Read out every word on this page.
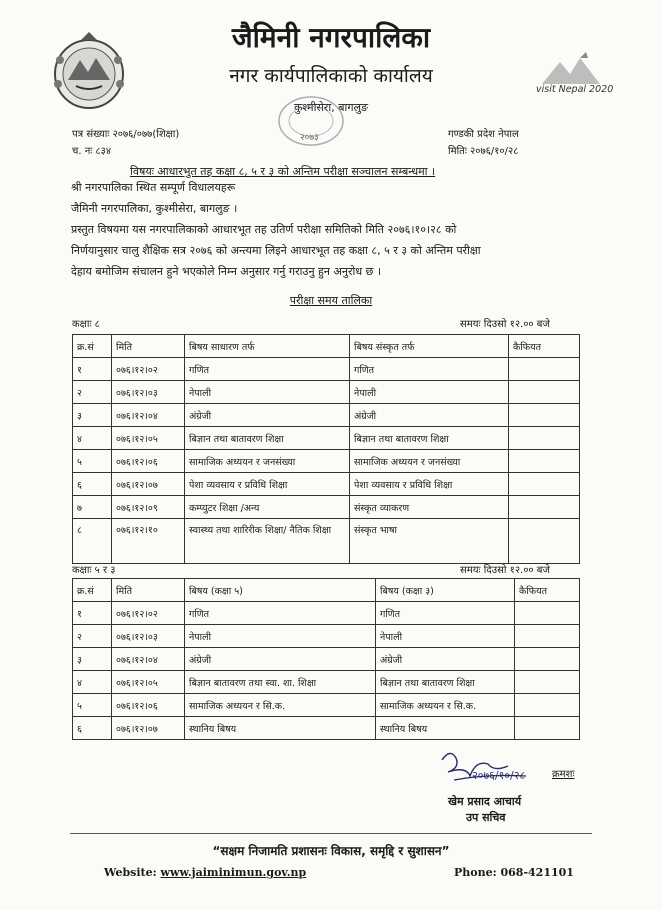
जैमिनी नगरपालिका
नगर कार्यपालिकाको कार्यालय
कुश्मीसेरा, बागलुङ
२०७३
visit Nepal 2020
पत्र संख्याः २०७६/०७७(शिक्षा)
च. नः ८३४
गण्डकी प्रदेश नेपाल
मितिः २०७६/१०/२८
विषयः आधारभुत तह कक्षा ८, ५ र ३ को अन्तिम परीक्षा सञ्चालन सम्बन्धमा ।
श्री नगरपालिका स्थित सम्पूर्ण विधालयहरू
जैमिनी नगरपालिका, कुश्मीसेरा, बागलुङ ।
प्रस्तुत विषयमा यस नगरपालिकाको आधारभूत तह उतिर्ण परीक्षा समितिको मिति २०७६।१०।२८ को
निर्णयानुसार चालु शैक्षिक सत्र २०७६ को अन्त्यमा लिइने आधारभूत तह कक्षा ८, ५ र ३ को अन्तिम परीक्षा
देहाय बमोजिम संचालन हुने भएकोले निम्न अनुसार गर्नु गराउनु हुन अनुरोध छ ।
परीक्षा समय तालिका
कक्षाः ८	समयः दिउसो १२.०० बजे
क्र.सं	मिति	बिषय साधारण तर्फ	बिषय संस्कृत तर्फ	कैफियत
१	०७६।१२।०२	गणित	गणित	
२	०७६।१२।०३	नेपाली	नेपाली	
३	०७६।१२।०४	अंग्रेजी	अंग्रेजी	
४	०७६।१२।०५	बिज्ञान तथा बातावरण शिक्षा	बिज्ञान तथा बातावरण शिक्षा	
५	०७६।१२।०६	सामाजिक अध्ययन र जनसंख्या	सामाजिक अध्ययन र जनसंख्या	
६	०७६।१२।०७	पेशा व्यवसाय र प्रविधि शिक्षा	पेशा व्यवसाय र प्रविधि शिक्षा	
७	०७६।१२।०९	कम्प्युटर शिक्षा /अन्य	संस्कृत व्याकरण	
८	०७६।१२।१०	स्वास्थ्य तथा शारिरीक शिक्षा/ नैतिक शिक्षा	संस्कृत भाषा	
कक्षाः ५ र ३	समयः दिउसो १२.०० बजे
क्र.सं	मिति	बिषय (कक्षा ५)	बिषय (कक्षा ३)	कैफियत
१	०७६।१२।०२	गणित	गणित	
२	०७६।१२।०३	नेपाली	नेपाली	
३	०७६।१२।०४	अंग्रेजी	अंग्रेजी	
४	०७६।१२।०५	बिज्ञान बातावरण तथा स्वा. शा. शिक्षा	बिज्ञान तथा बातावरण शिक्षा	
५	०७६।१२।०६	सामाजिक अध्ययन र सि.क.	सामाजिक अध्ययन र सि.क.	
६	०७६।१२।०७	स्थानिय बिषय	स्थानिय बिषय	
२०७६/१०/२८	क्रमशः
खेम प्रसाद आचार्य
उप सचिव
“सक्षम निजामति प्रशासनः विकास, समृद्दि र सुशासन”
Website: www.jaiminimun.gov.np	Phone: 068-421101
